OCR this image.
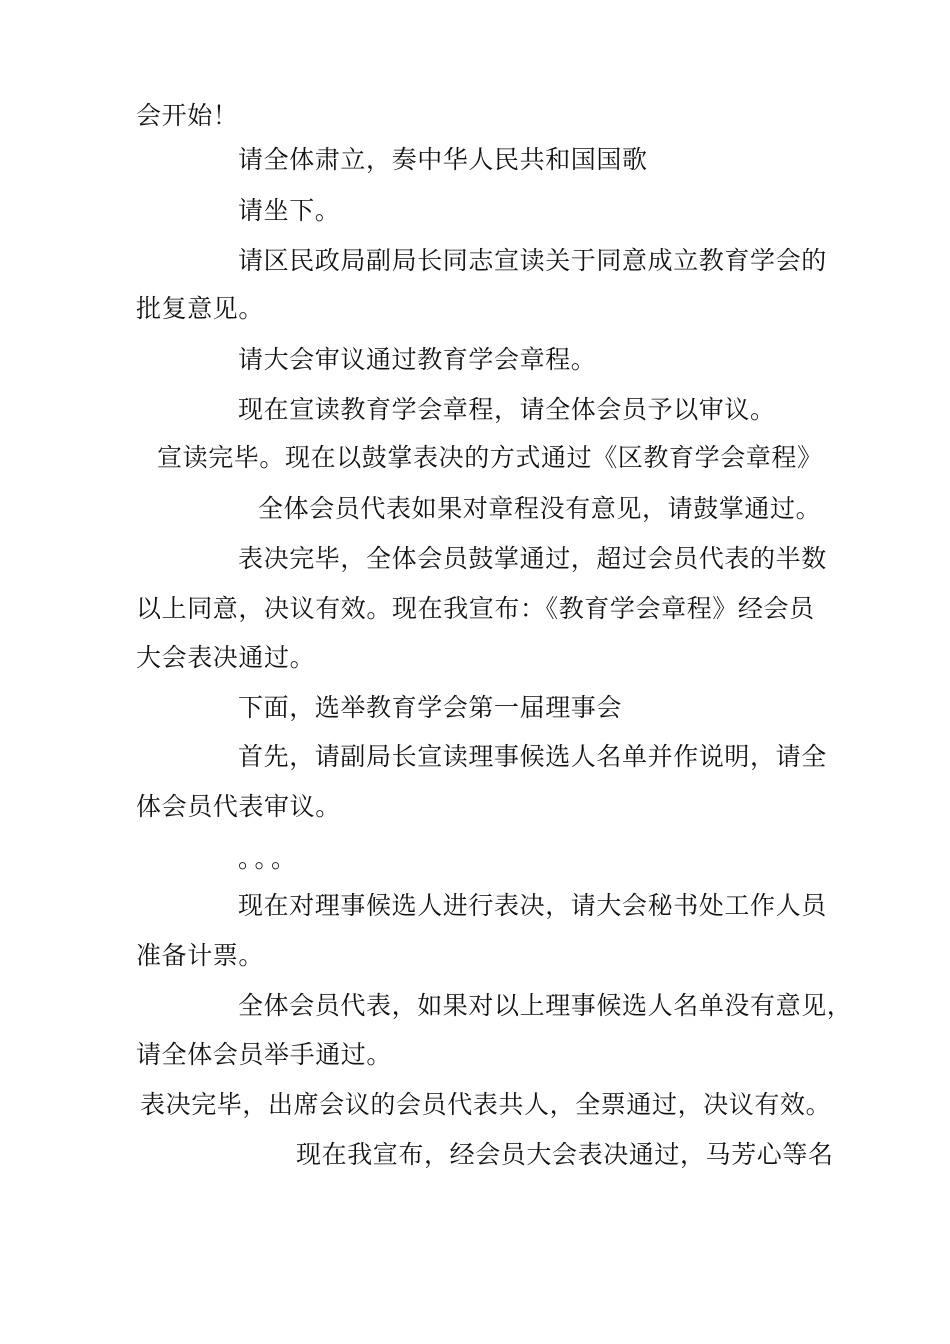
会开始！
请全体肃立，奏中华人民共和国国歌
请坐下。
请区民政局副局长同志宣读关于同意成立教育学会的
批复意见。
请大会审议通过教育学会章程。
现在宣读教育学会章程，请全体会员予以审议。
宣读完毕。现在以鼓掌表决的方式通过《区教育学会章程》
全体会员代表如果对章程没有意见，请鼓掌通过。
表决完毕，全体会员鼓掌通过，超过会员代表的半数
以上同意，决议有效。现在我宣布：《教育学会章程》经会员
大会表决通过。
下面，选举教育学会第一届理事会
首先，请副局长宣读理事候选人名单并作说明，请全
体会员代表审议。
。。。
现在对理事候选人进行表决，请大会秘书处工作人员
准备计票。
全体会员代表，如果对以上理事候选人名单没有意见，
请全体会员举手通过。
表决完毕，出席会议的会员代表共人，全票通过，决议有效。
现在我宣布，经会员大会表决通过，马芳心等名
